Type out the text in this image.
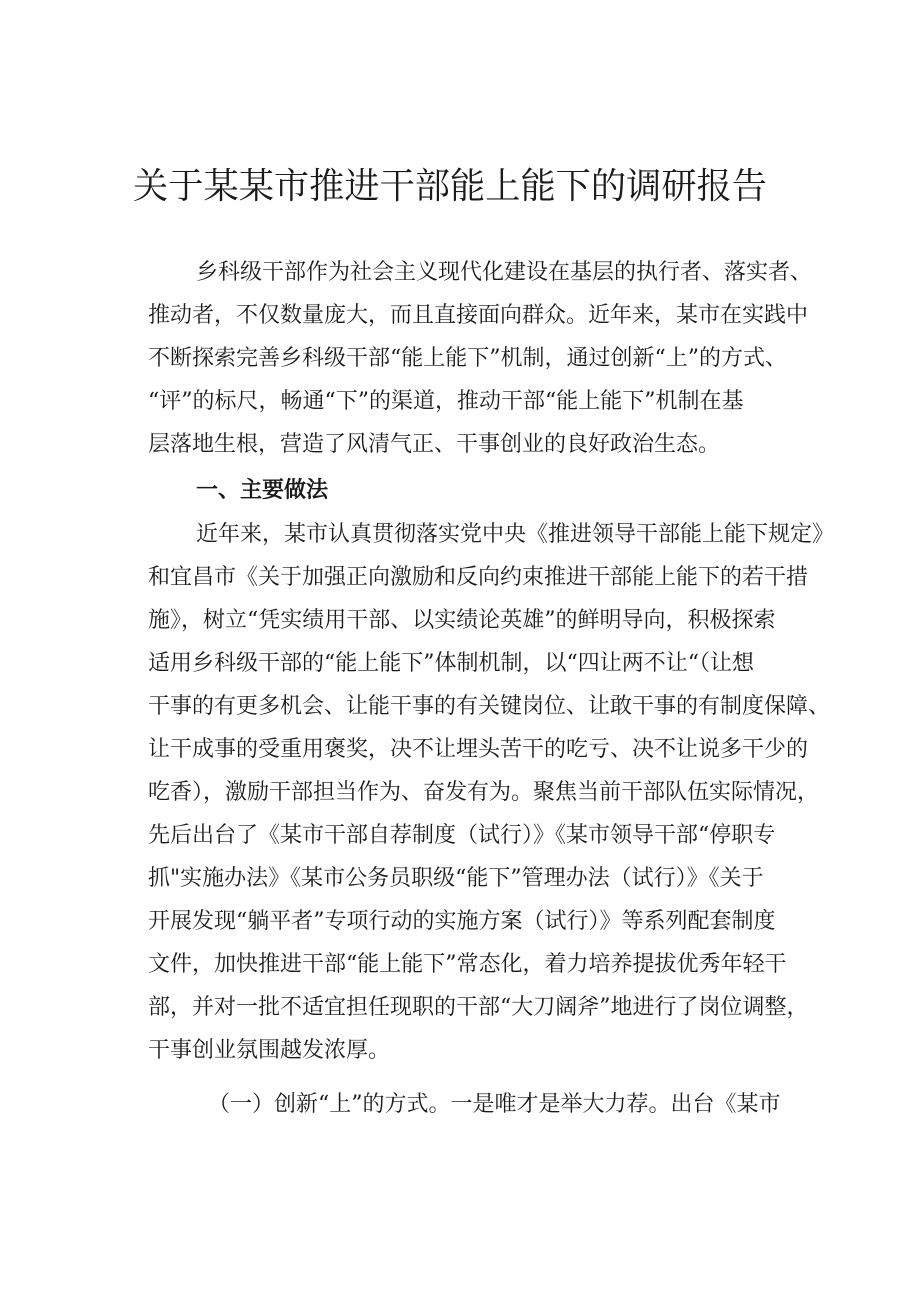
关于某某市推进干部能上能下的调研报告
乡科级干部作为社会主义现代化建设在基层的执行者、落实者、
推动者，不仅数量庞大，而且直接面向群众。近年来，某市在实践中
不断探索完善乡科级干部“能上能下”机制，通过创新“上”的方式、
“评”的标尺，畅通“下”的渠道，推动干部“能上能下”机制在基
层落地生根，营造了风清气正、干事创业的良好政治生态。
一、主要做法
近年来，某市认真贯彻落实党中央《推进领导干部能上能下规定》
和宜昌市《关于加强正向激励和反向约束推进干部能上能下的若干措
施》，树立“凭实绩用干部、以实绩论英雄”的鲜明导向，积极探索
适用乡科级干部的“能上能下”体制机制，以“四让两不让“（让想
干事的有更多机会、让能干事的有关键岗位、让敢干事的有制度保障、
让干成事的受重用褒奖，决不让埋头苦干的吃亏、决不让说多干少的
吃香），激励干部担当作为、奋发有为。聚焦当前干部队伍实际情况，
先后出台了《某市干部自荐制度（试行）》《某市领导干部“停职专
抓"实施办法》《某市公务员职级“能下”管理办法（试行）》《关于
开展发现“躺平者”专项行动的实施方案（试行）》等系列配套制度
文件，加快推进干部“能上能下”常态化，着力培养提拔优秀年轻干
部，并对一批不适宜担任现职的干部“大刀阔斧”地进行了岗位调整，
干事创业氛围越发浓厚。
（一）创新“上”的方式。一是唯才是举大力荐。出台《某市
